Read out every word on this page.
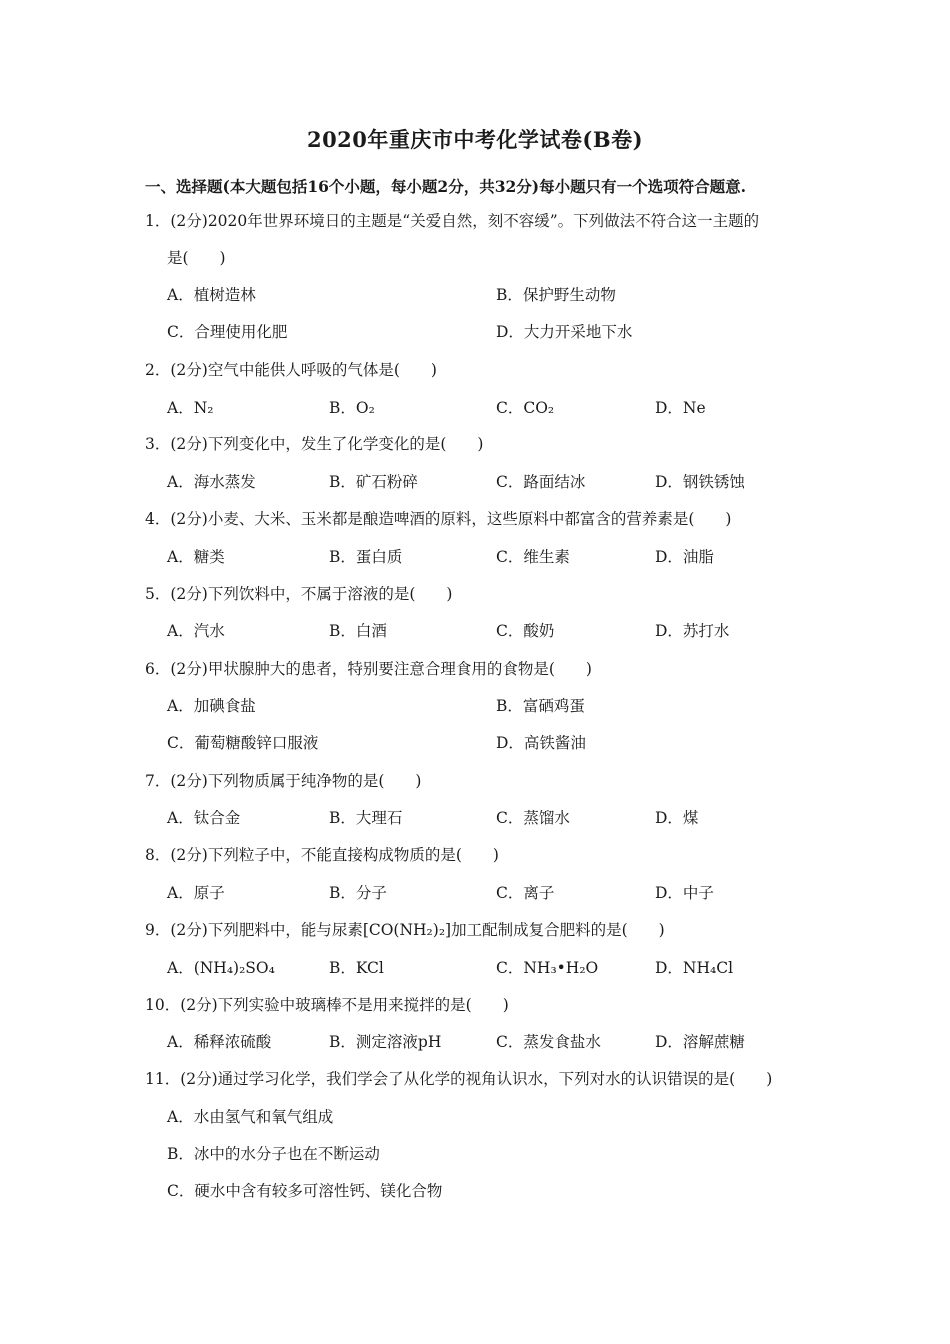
2020年重庆市中考化学试卷(B卷)
一、选择题(本大题包括16个小题，每小题2分，共32分)每小题只有一个选项符合题意.
1．(2分)2020年世界环境日的主题是“关爱自然，刻不容缓”。下列做法不符合这一主题的
是(　　)
A．植树造林	B．保护野生动物
C．合理使用化肥	D．大力开采地下水
2．(2分)空气中能供人呼吸的气体是(　　)
A．N₂	B．O₂	C．CO₂	D．Ne
3．(2分)下列变化中，发生了化学变化的是(　　)
A．海水蒸发	B．矿石粉碎	C．路面结冰	D．钢铁锈蚀
4．(2分)小麦、大米、玉米都是酿造啤酒的原料，这些原料中都富含的营养素是(　　)
A．糖类	B．蛋白质	C．维生素	D．油脂
5．(2分)下列饮料中，不属于溶液的是(　　)
A．汽水	B．白酒	C．酸奶	D．苏打水
6．(2分)甲状腺肿大的患者，特别要注意合理食用的食物是(　　)
A．加碘食盐	B．富硒鸡蛋
C．葡萄糖酸锌口服液	D．高铁酱油
7．(2分)下列物质属于纯净物的是(　　)
A．钛合金	B．大理石	C．蒸馏水	D．煤
8．(2分)下列粒子中，不能直接构成物质的是(　　)
A．原子	B．分子	C．离子	D．中子
9．(2分)下列肥料中，能与尿素[CO(NH₂)₂]加工配制成复合肥料的是(　　)
A．(NH₄)₂SO₄	B．KCl	C．NH₃•H₂O	D．NH₄Cl
10．(2分)下列实验中玻璃棒不是用来搅拌的是(　　)
A．稀释浓硫酸	B．测定溶液pH	C．蒸发食盐水	D．溶解蔗糖
11．(2分)通过学习化学，我们学会了从化学的视角认识水，下列对水的认识错误的是(　　)
A．水由氢气和氧气组成
B．冰中的水分子也在不断运动
C．硬水中含有较多可溶性钙、镁化合物
